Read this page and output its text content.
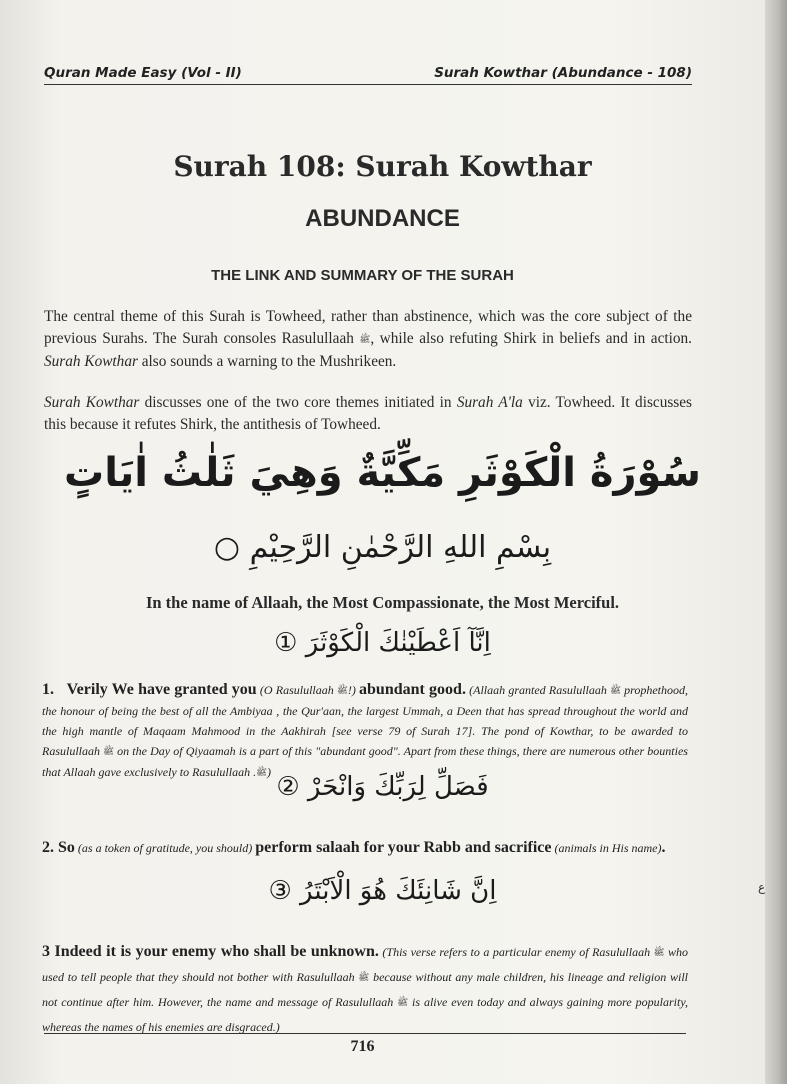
Quran Made Easy (Vol - II)	Surah Kowthar (Abundance - 108)
Surah 108: Surah Kowthar
ABUNDANCE
THE LINK AND SUMMARY OF THE SURAH
The central theme of this Surah is Towheed, rather than abstinence, which was the core subject of the previous Surahs. The Surah consoles Rasulullaah ﷺ, while also refuting Shirk in beliefs and in action. Surah Kowthar also sounds a warning to the Mushrikeen.
Surah Kowthar discusses one of the two core themes initiated in Surah A'la viz. Towheed. It discusses this because it refutes Shirk, the antithesis of Towheed.
سُوْرَةُ الْكَوْثَرِ مَكِّيَّةٌ وَهِيَ ثَلٰثُ اٰيَاتٍ
بِسْمِ اللهِ الرَّحْمٰنِ الرَّحِيْمِ ○
In the name of Allaah, the Most Compassionate, the Most Merciful.
اِنَّآ اَعْطَيْنٰكَ الْكَوْثَرَ ①
1. Verily We have granted you (O Rasulullaah ﷺ!) abundant good. (Allaah granted Rasulullaah ﷺ prophethood, the honour of being the best of all the Ambiyaa , the Qur'aan, the largest Ummah, a Deen that has spread throughout the world and the high mantle of Maqaam Mahmood in the Aakhirah [see verse 79 of Surah 17]. The pond of Kowthar, to be awarded to Rasulullaah ﷺ on the Day of Qiyaamah is a part of this "abundant good". Apart from these things, there are numerous other bounties that Allaah gave exclusively to Rasulullaah .ﷺ) فَصَلِّ لِرَبِّكَ وَانْحَرْ ②
2. So (as a token of gratitude, you should) perform salaah for your Rabb and sacrifice (animals in His name).
اِنَّ شَانِئَكَ هُوَ الْاَبْتَرُ ③
3 Indeed it is your enemy who shall be unknown. (This verse refers to a particular enemy of Rasulullaah ﷺ who used to tell people that they should not bother with Rasulullaah ﷺ because without any male children, his lineage and religion will not continue after him. However, the name and message of Rasulullaah ﷺ is alive even today and always gaining more popularity, whereas the names of his enemies are disgraced.)
ع
716
